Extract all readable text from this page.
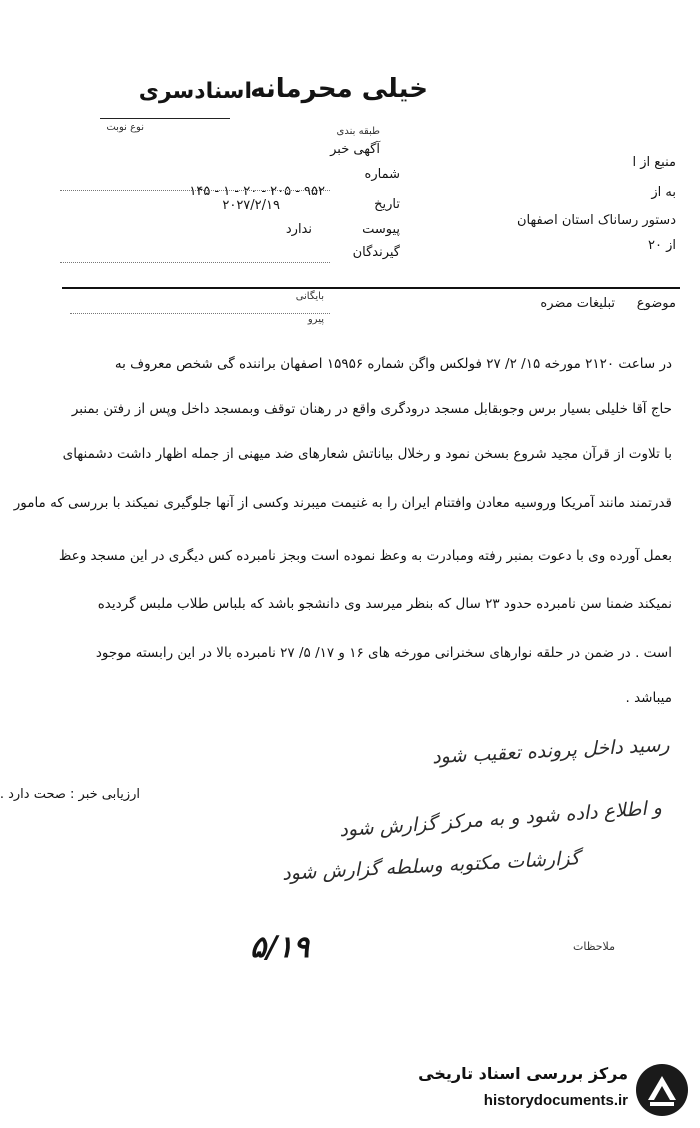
خیلی محرمانه
اسنادسری
نوع نوبت	طبقه بندی
آگهی خبر
شماره
۱۴۵ - ۱ - ۲۰ - ۲۰۵ - ۹۵۲
تاریخ
۲۰۲۷/۲/۱۹
پیوست
ندارد
گیرندگان
منبع از ا
به از
دستور رساناک استان اصفهان
از ۲۰
بایگانی	موضوع
تبلیغات مضره
پیرو
در ساعت ۲۱۲۰ مورخه ۱۵/ ۲/ ۲۷ فولکس واگن شماره ۱۵۹۵۶ اصفهان براننده گی شخص معروف به
حاج آقا خلیلی بسیار برس وجوبقابل مسجد درودگری واقع در رهنان توقف وبمسجد داخل وپس از رفتن بمنبر
با تلاوت از قرآن مجید شروع بسخن نمود و رخلال بیاناتش شعارهای ضد میهنی از جمله اظهار داشت دشمنهای
قدرتمند مانند آمریکا وروسیه معادن وافتنام ایران را به غنیمت میبرند وکسی از آنها جلوگیری نمیکند با بررسی که مامور
بعمل آورده وی با دعوت بمنبر رفته ومبادرت به وعظ نموده است وبجز نامبرده کس دیگری در این مسجد وعظ
نمیکند ضمنا سن نامبرده حدود ۲۳ سال که بنظر میرسد وی دانشجو باشد که بلباس طلاب ملبس گردیده
است . در ضمن در حلقه نوارهای سخنرانی مورخه های ۱۶ و ۱۷/ ۵/ ۲۷ نامبرده بالا در این رابسته موجود
میباشد .
ارزیابی خبر : صحت دارد .
رسید داخل پرونده تعقیب شود
و اطلاع داده شود و به مرکز گزارش شود
گزارشات مکتوبه وسلطه گزارش شود
۵/۱۹	ملاحظات
مرکز بررسی اسناد تاریخی
historydocuments.ir
